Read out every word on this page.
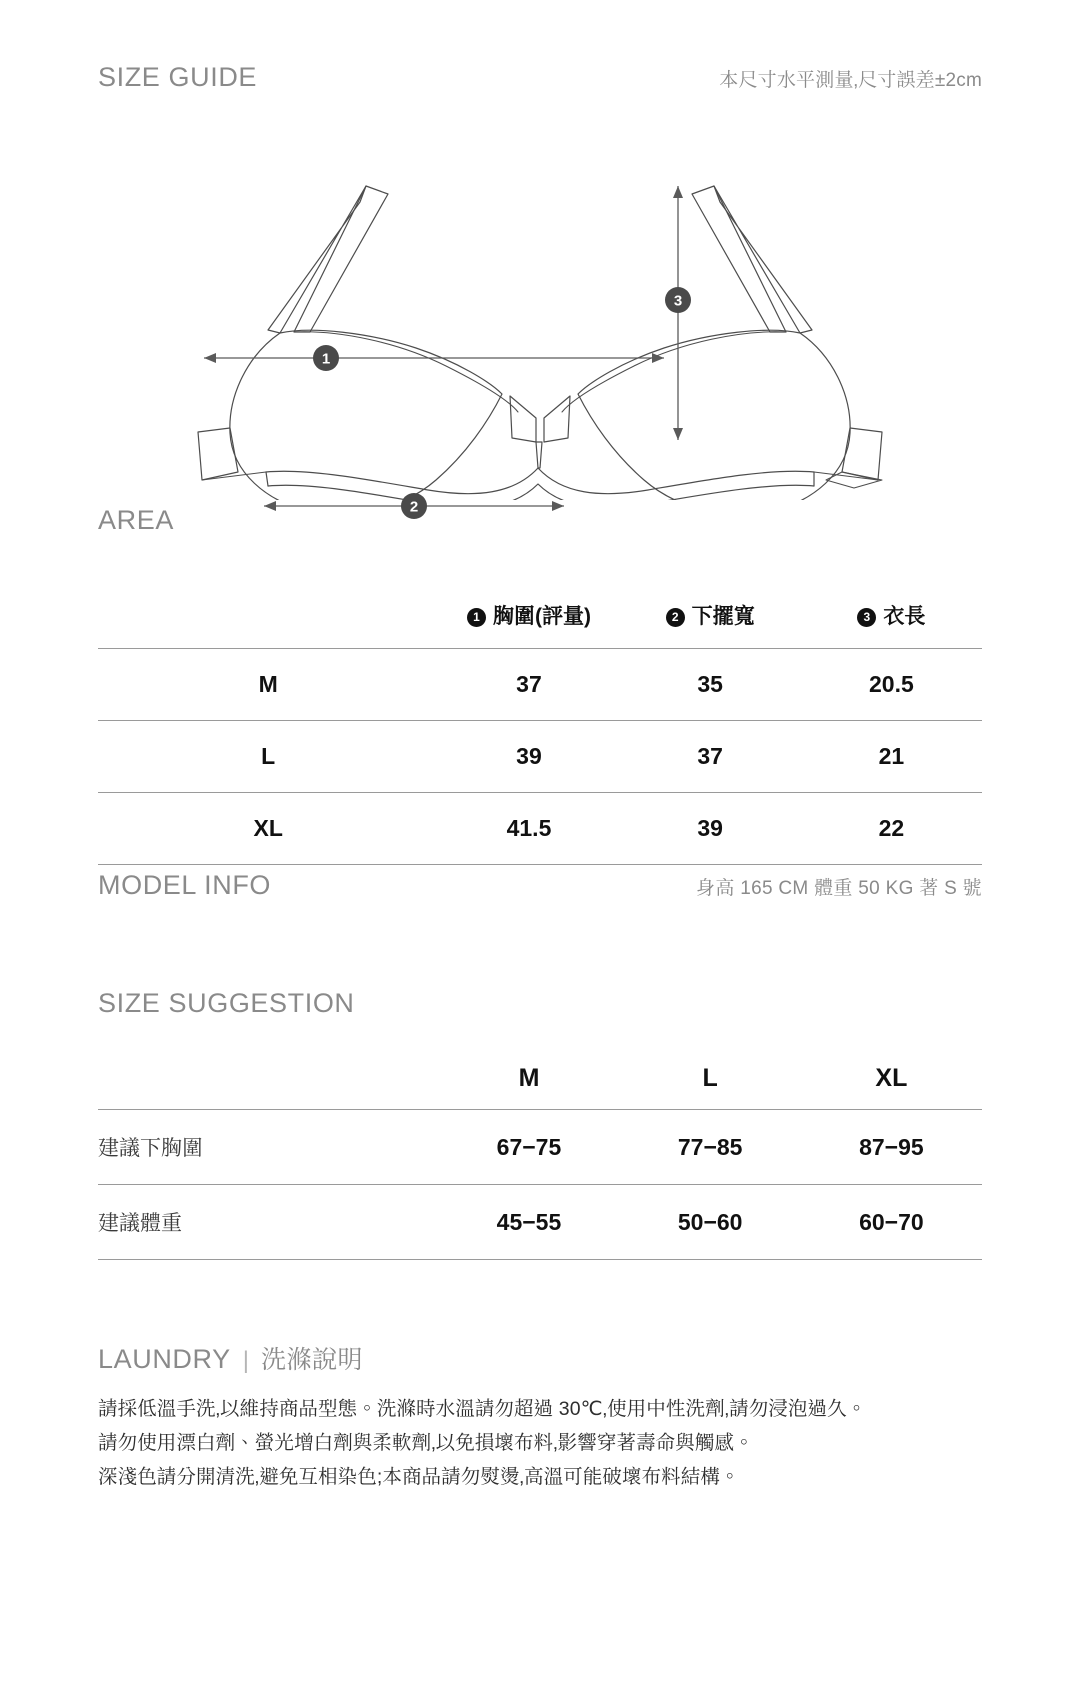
SIZE GUIDE	本尺寸水平測量‚尺寸誤差±2cm
1
3
2
AREA
	1 胸圍(評量)	2 下擺寬	3 衣長
M	37	35	20.5
L	39	37	21
XL	41.5	39	22
MODEL INFO	身高 165 CM 體重 50 KG 著 S 號
SIZE SUGGESTION
	M	L	XL
建議下胸圍	67−75	77−85	87−95
建議體重	45−55	50−60	60−70
LAUNDRY | 洗滌說明
請採低溫手洗‚以維持商品型態。洗滌時水溫請勿超過 30℃‚使用中性洗劑‚請勿浸泡過久。
請勿使用漂白劑、螢光增白劑與柔軟劑‚以免損壞布料‚影響穿著壽命與觸感。
深淺色請分開清洗‚避免互相染色;本商品請勿熨燙‚高溫可能破壞布料結構。
